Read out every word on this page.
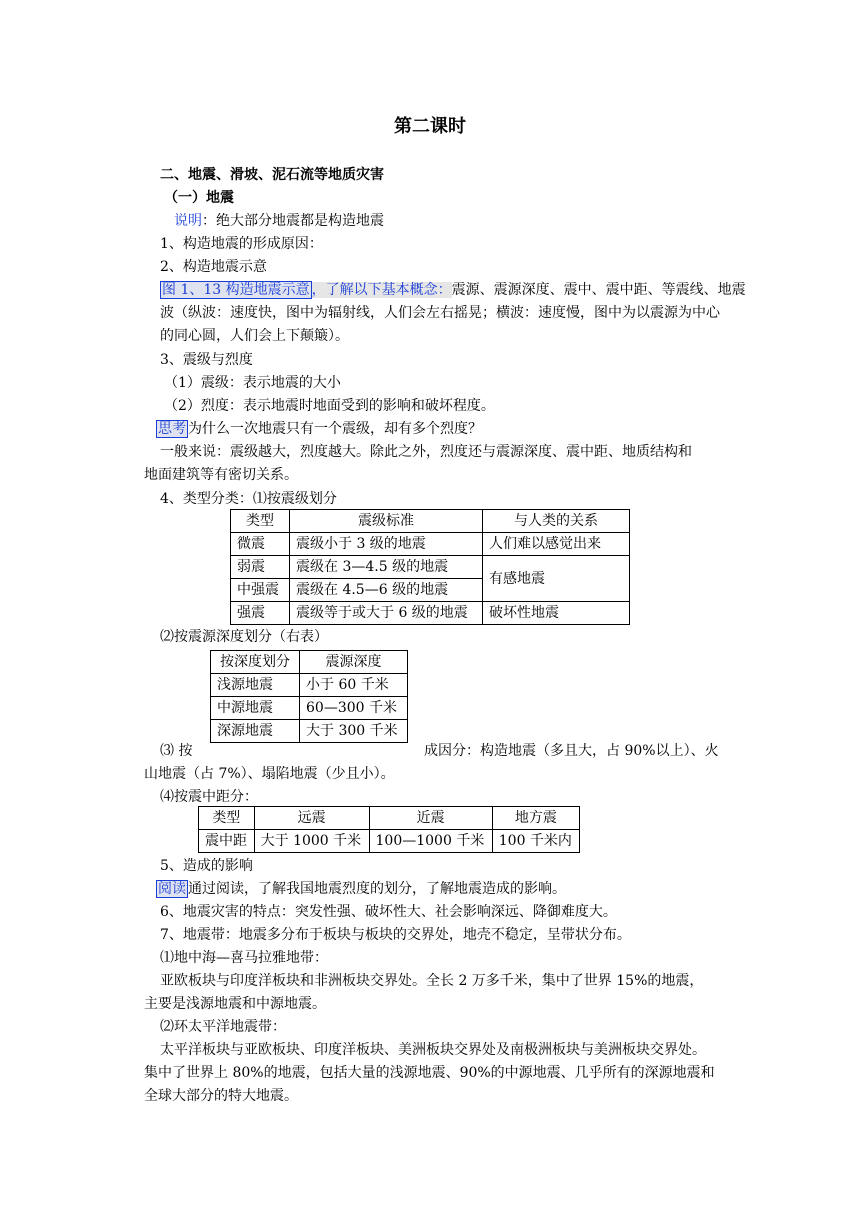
第二课时
二、地震、滑坡、泥石流等地质灾害
（一）地震
说明：绝大部分地震都是构造地震
1、构造地震的形成原因：
2、构造地震示意
图 1、13 构造地震示意 ，了解以下基本概念：震源、震源深度、震中、震中距、等震线、地震
波（纵波：速度快，图中为辐射线，人们会左右摇晃；横波：速度慢，图中为以震源为中心
的同心圆，人们会上下颠簸）。
3、震级与烈度
（1）震级：表示地震的大小
（2）烈度：表示地震时地面受到的影响和破坏程度。
思考 为什么一次地震只有一个震级，却有多个烈度？
一般来说：震级越大，烈度越大。除此之外，烈度还与震源深度、震中距、地质结构和
地面建筑等有密切关系。
4、类型分类：⑴按震级划分
类型	震级标准	与人类的关系
微震	震级小于 3 级的地震	人们难以感觉出来
弱震	震级在 3—4.5 级的地震	有感地震
中强震	震级在 4.5—6 级的地震	
强震	震级等于或大于 6 级的地震	破坏性地震
⑵按震源深度划分（右表）
按深度划分	震源深度
浅源地震	小于 60 千米
中源地震	60—300 千米
深源地震	大于 300 千米
⑶ 按	成因分：构造地震（多且大，占 90%以上）、火
山地震（占 7%）、塌陷地震（少且小）。
⑷按震中距分：
类型	远震	近震	地方震
震中距	大于 1000 千米	100—1000 千米	100 千米内
5、造成的影响
阅读 通过阅读，了解我国地震烈度的划分，了解地震造成的影响。
6、地震灾害的特点：突发性强、破坏性大、社会影响深远、降御难度大。
7、地震带：地震多分布于板块与板块的交界处，地壳不稳定，呈带状分布。
⑴地中海—喜马拉雅地带：
亚欧板块与印度洋板块和非洲板块交界处。全长 2 万多千米，集中了世界 15%的地震，
主要是浅源地震和中源地震。
⑵环太平洋地震带：
太平洋板块与亚欧板块、印度洋板块、美洲板块交界处及南极洲板块与美洲板块交界处。
集中了世界上 80%的地震，包括大量的浅源地震、90%的中源地震、几乎所有的深源地震和
全球大部分的特大地震。
